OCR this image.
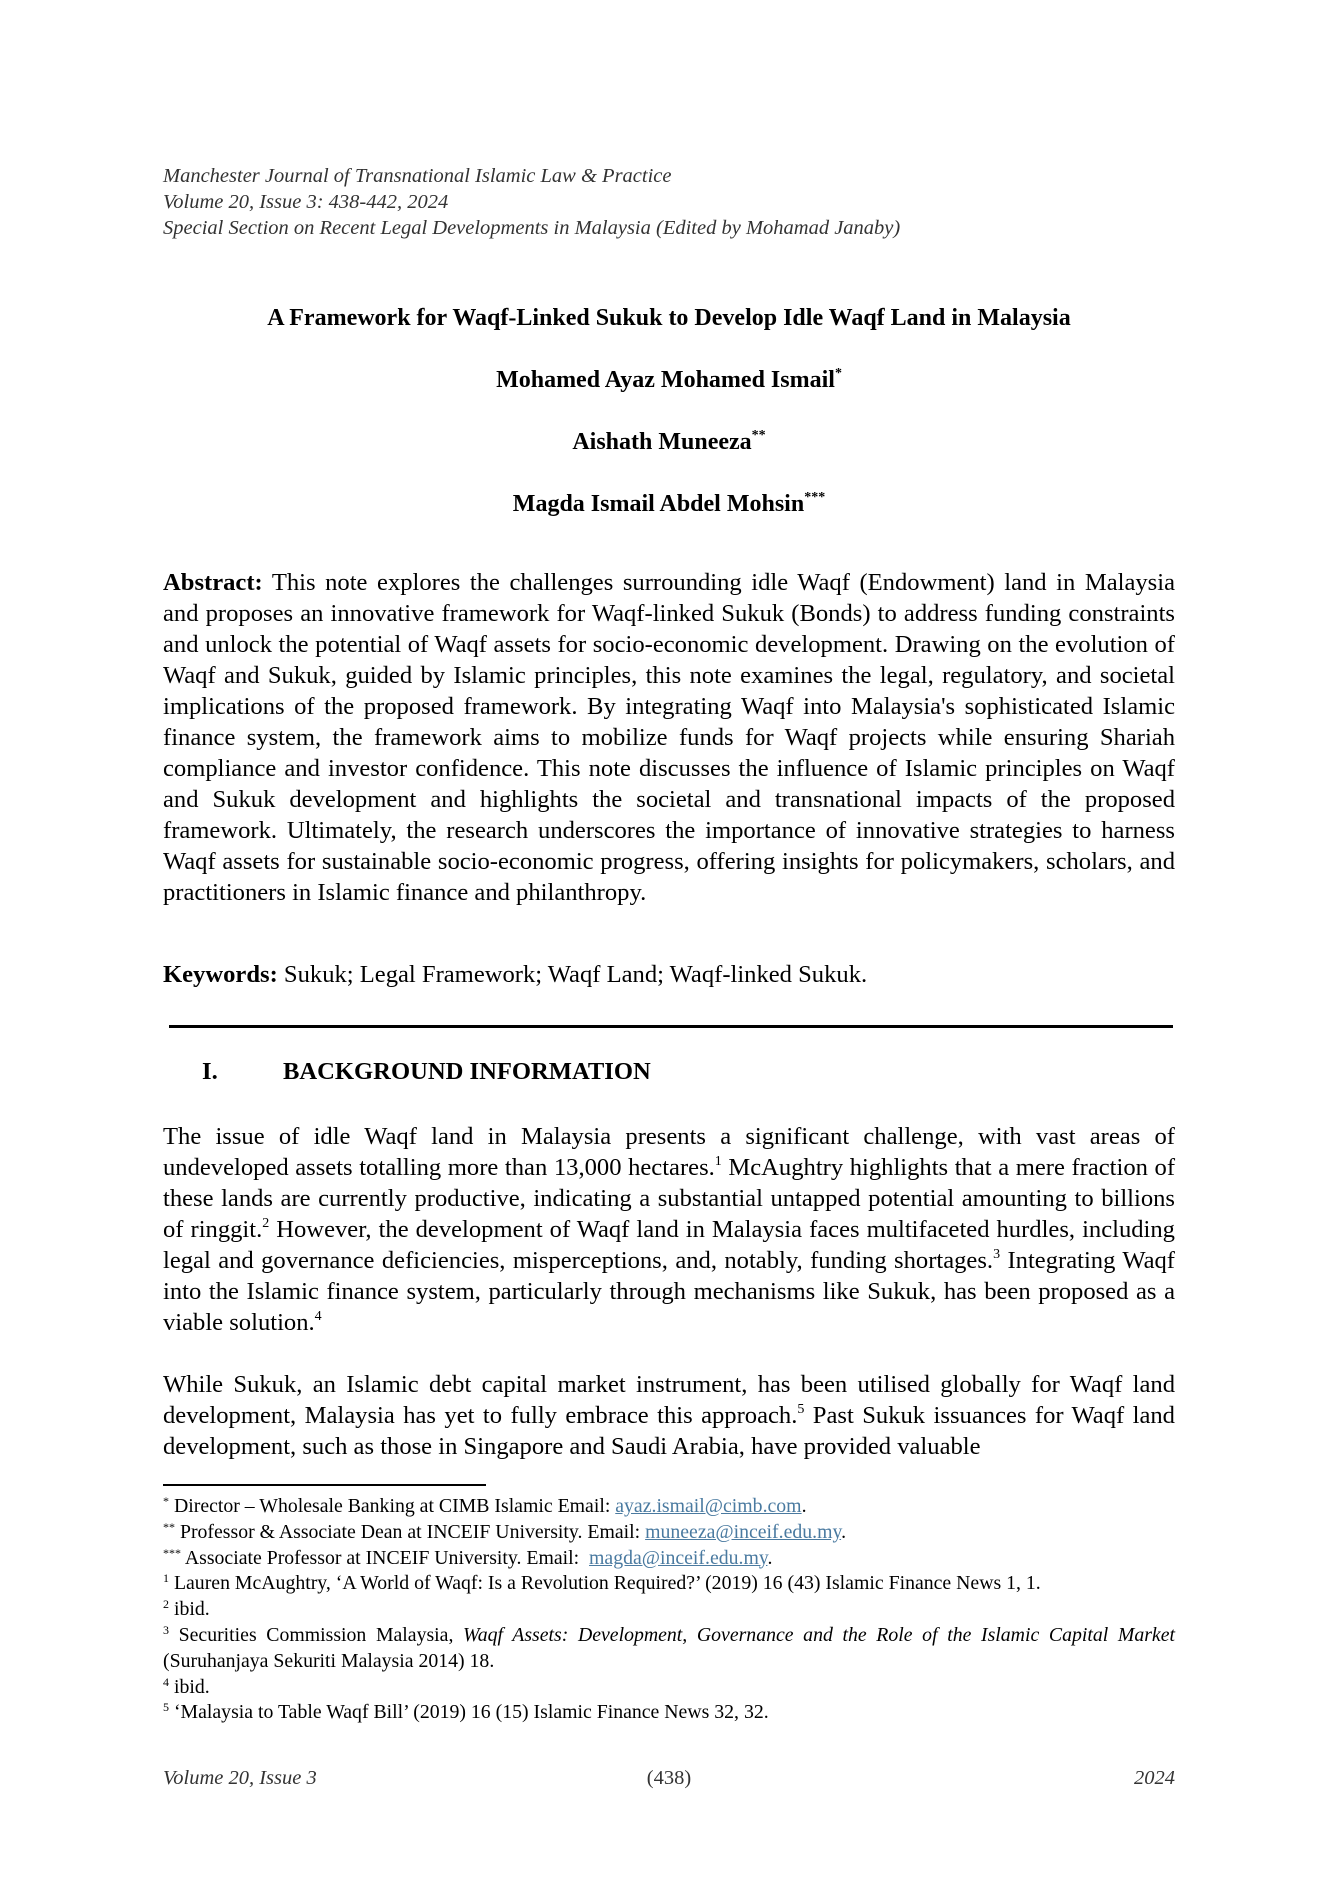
Manchester Journal of Transnational Islamic Law & Practice
Volume 20, Issue 3: 438-442, 2024
Special Section on Recent Legal Developments in Malaysia (Edited by Mohamad Janaby)
A Framework for Waqf-Linked Sukuk to Develop Idle Waqf Land in Malaysia
Mohamed Ayaz Mohamed Ismail*
Aishath Muneeza**
Magda Ismail Abdel Mohsin***
Abstract: This note explores the challenges surrounding idle Waqf (Endowment) land in Malaysia and proposes an innovative framework for Waqf-linked Sukuk (Bonds) to address funding constraints and unlock the potential of Waqf assets for socio-economic development. Drawing on the evolution of Waqf and Sukuk, guided by Islamic principles, this note examines the legal, regulatory, and societal implications of the proposed framework. By integrating Waqf into Malaysia's sophisticated Islamic finance system, the framework aims to mobilize funds for Waqf projects while ensuring Shariah compliance and investor confidence. This note discusses the influence of Islamic principles on Waqf and Sukuk development and highlights the societal and transnational impacts of the proposed framework. Ultimately, the research underscores the importance of innovative strategies to harness Waqf assets for sustainable socio-economic progress, offering insights for policymakers, scholars, and practitioners in Islamic finance and philanthropy.
Keywords: Sukuk; Legal Framework; Waqf Land; Waqf-linked Sukuk.
I.	BACKGROUND INFORMATION
The issue of idle Waqf land in Malaysia presents a significant challenge, with vast areas of undeveloped assets totalling more than 13,000 hectares.$^1$ McAughtry highlights that a mere fraction of these lands are currently productive, indicating a substantial untapped potential amounting to billions of ringgit.$^2$ However, the development of Waqf land in Malaysia faces multifaceted hurdles, including legal and governance deficiencies, misperceptions, and, notably, funding shortages.$^3$ Integrating Waqf into the Islamic finance system, particularly through mechanisms like Sukuk, has been proposed as a viable solution.$^4$
While Sukuk, an Islamic debt capital market instrument, has been utilised globally for Waqf land development, Malaysia has yet to fully embrace this approach.$^5$ Past Sukuk issuances for Waqf land development, such as those in Singapore and Saudi Arabia, have provided valuable
* Director – Wholesale Banking at CIMB Islamic Email: ayaz.ismail@cimb.com.
** Professor & Associate Dean at INCEIF University. Email: muneeza@inceif.edu.my.
*** Associate Professor at INCEIF University. Email:  magda@inceif.edu.my.
$^1$ Lauren McAughtry, ‘A World of Waqf: Is a Revolution Required?’ (2019) 16 (43) Islamic Finance News 1, 1.
$^2$ ibid.
$^3$ Securities Commission Malaysia, Waqf Assets: Development, Governance and the Role of the Islamic Capital Market (Suruhanjaya Sekuriti Malaysia 2014) 18.
$^4$ ibid.
$^5$ ‘Malaysia to Table Waqf Bill’ (2019) 16 (15) Islamic Finance News 32, 32.
Volume 20, Issue 3	(438)	2024
